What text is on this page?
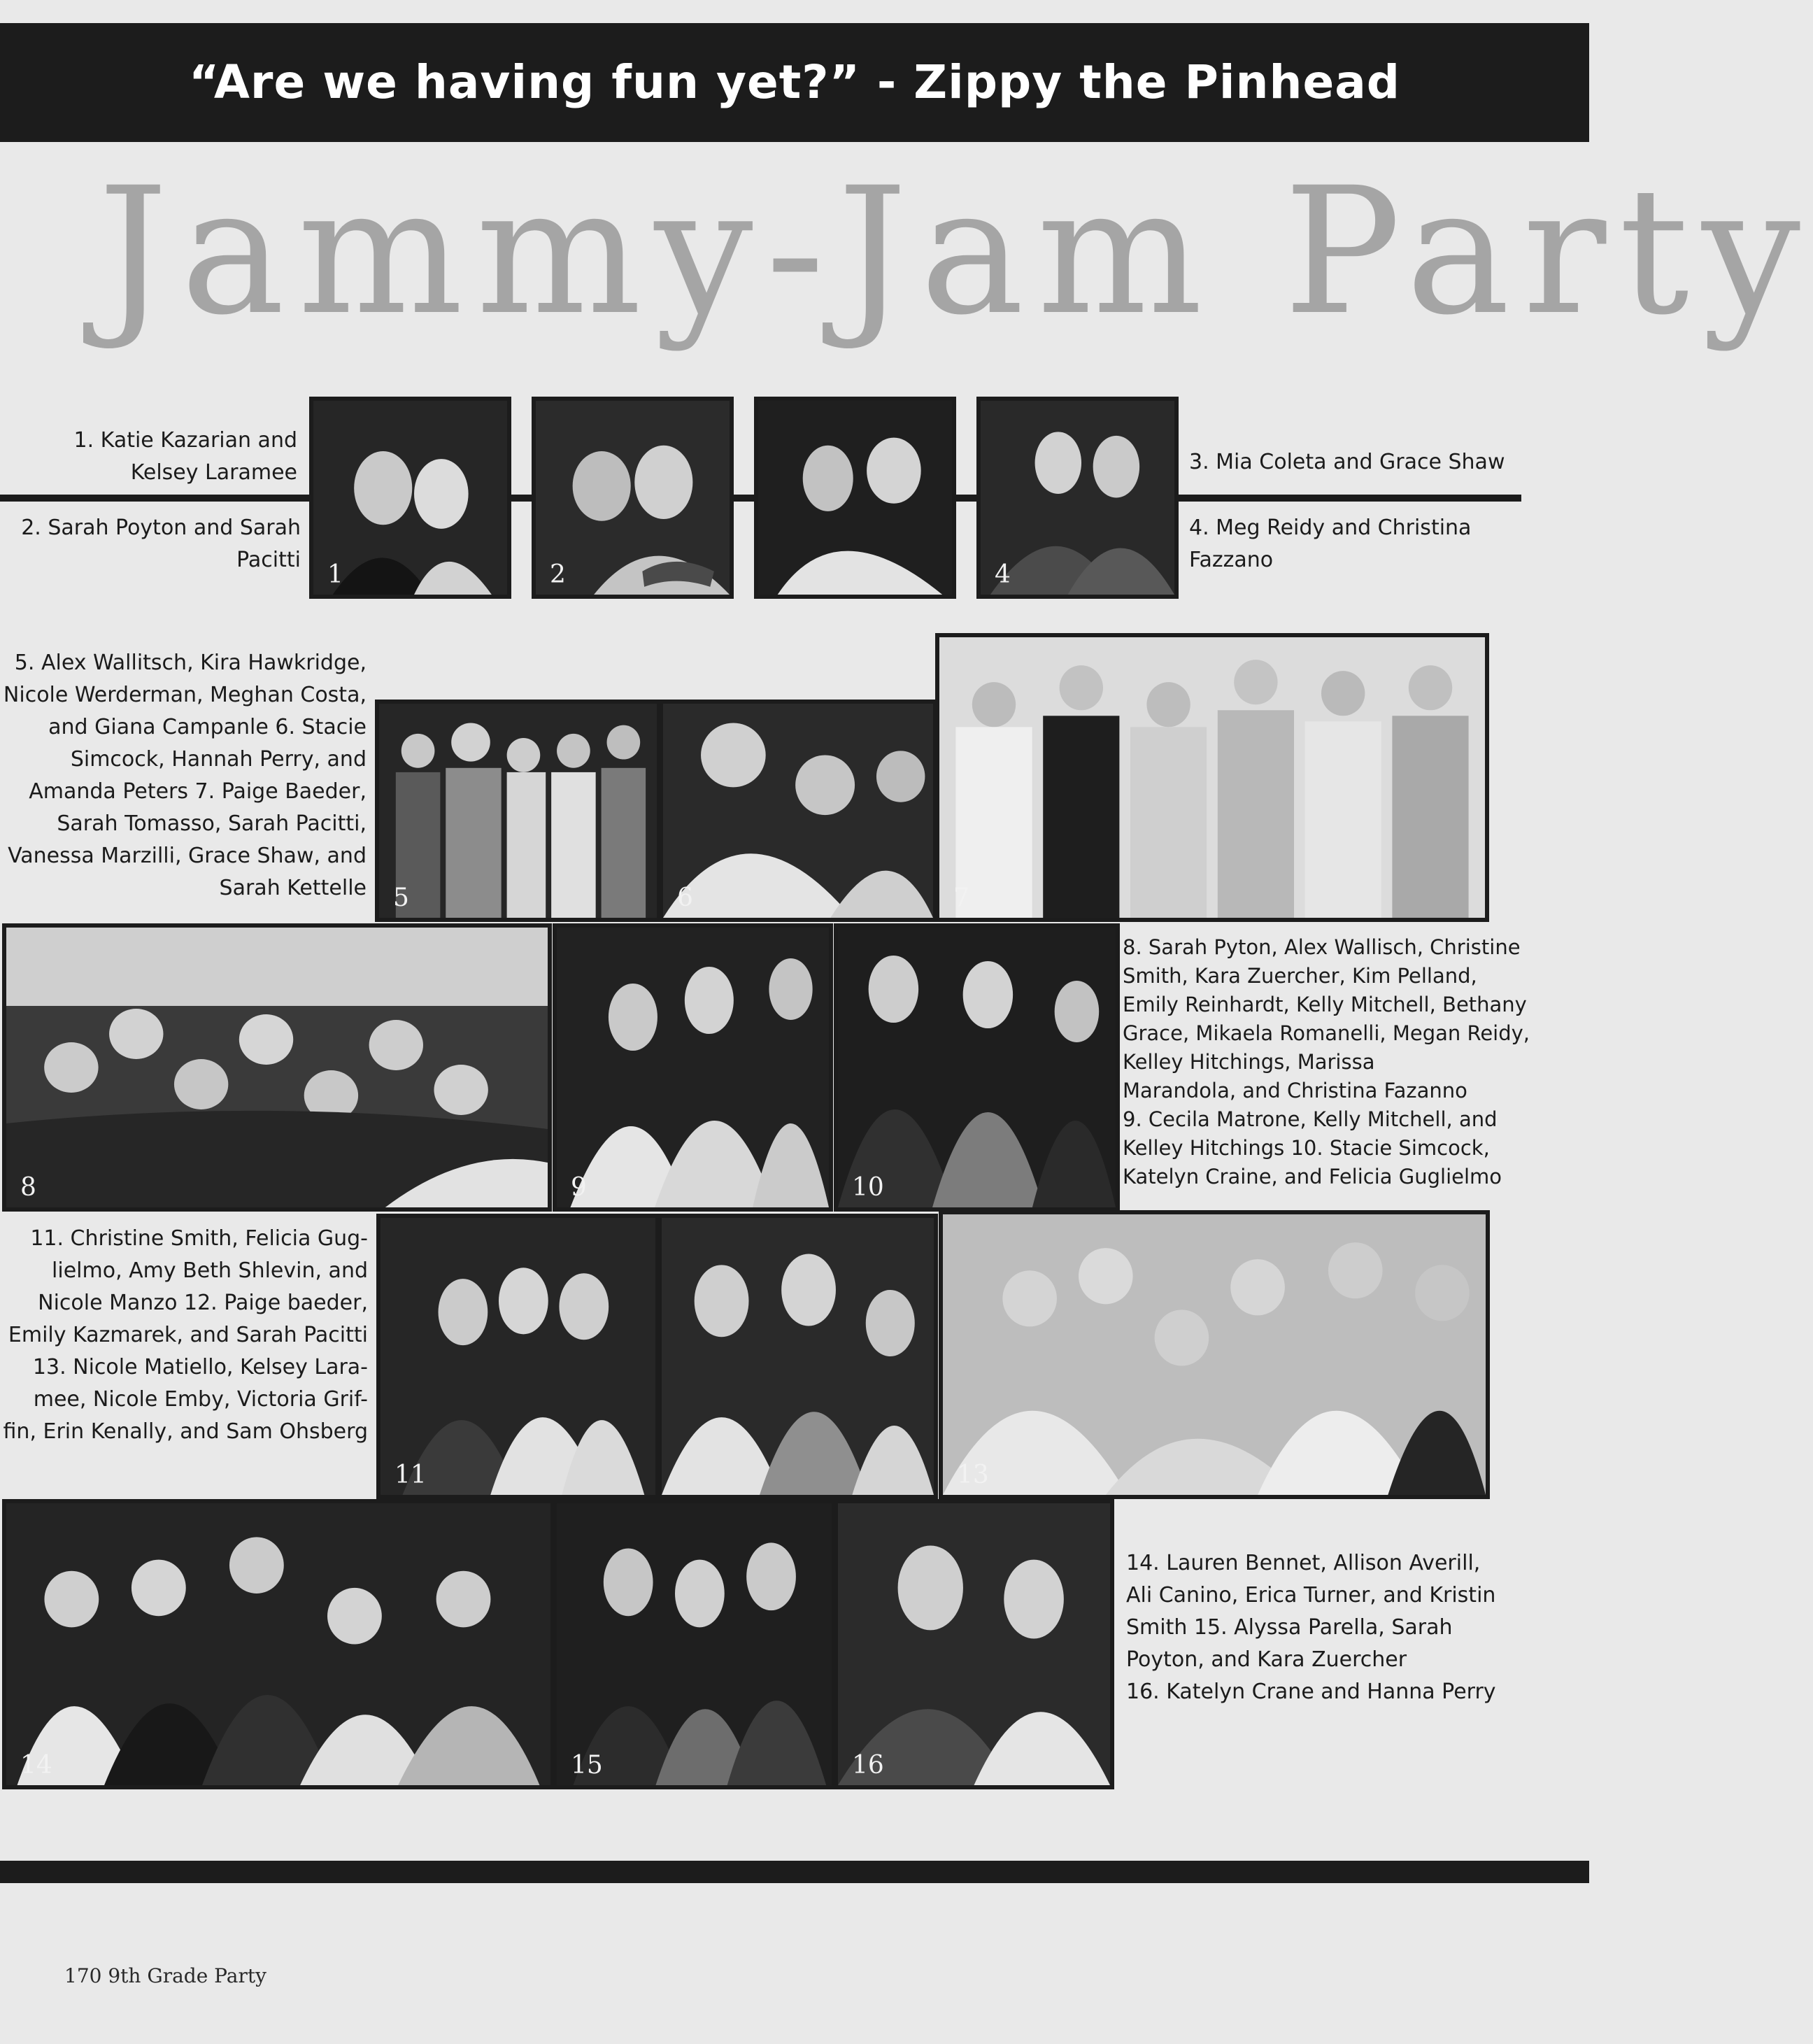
“Are we having fun yet?” - Zippy the Pinhead
Jammy-Jam Party
1	2	4
1. Katie Kazarian and
Kelsey Laramee
2. Sarah Poyton and Sarah
Pacitti
3. Mia Coleta and Grace Shaw
4. Meg Reidy and Christina
Fazzano
5. Alex Wallitsch, Kira Hawkridge,
Nicole Werderman, Meghan Costa,
and Giana Campanle 6. Stacie
Simcock, Hannah Perry, and
Amanda Peters 7. Paige Baeder,
Sarah Tomasso, Sarah Pacitti,
Vanessa Marzilli, Grace Shaw, and
Sarah Kettelle 5	6	7
8	9	10
8. Sarah Pyton, Alex Wallisch, Christine
Smith, Kara Zuercher, Kim Pelland,
Emily Reinhardt, Kelly Mitchell, Bethany
Grace, Mikaela Romanelli, Megan Reidy,
Kelley Hitchings, Marissa
Marandola, and Christina Fazanno
9. Cecila Matrone, Kelly Mitchell, and
Kelley Hitchings 10. Stacie Simcock,
Katelyn Craine, and Felicia Guglielmo
11. Christine Smith, Felicia Gug-
lielmo, Amy Beth Shlevin, and
Nicole Manzo 12. Paige baeder,
Emily Kazmarek, and Sarah Pacitti
13. Nicole Matiello, Kelsey Lara-
mee, Nicole Emby, Victoria Grif-
fin, Erin Kenally, and Sam Ohsberg
11	13
14	15	16
14. Lauren Bennet, Allison Averill,
Ali Canino, Erica Turner, and Kristin
Smith 15. Alyssa Parella, Sarah
Poyton, and Kara Zuercher
16. Katelyn Crane and Hanna Perry
170 9th Grade Party
